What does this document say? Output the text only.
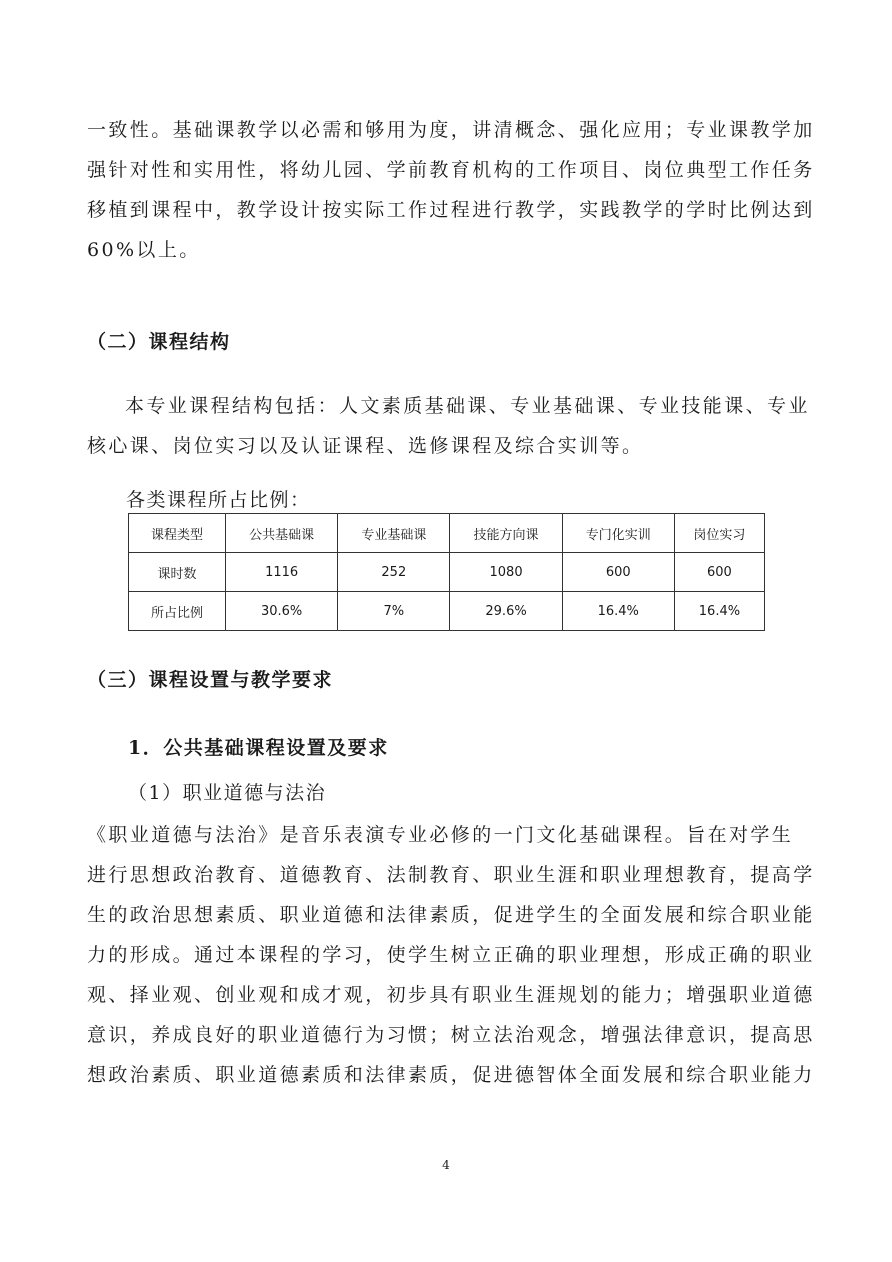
一致性。基础课教学以必需和够用为度，讲清概念、强化应用；专业课教学加
强针对性和实用性，将幼儿园、学前教育机构的工作项目、岗位典型工作任务
移植到课程中，教学设计按实际工作过程进行教学，实践教学的学时比例达到
60%以上。
（二）课程结构
本专业课程结构包括：人文素质基础课、专业基础课、专业技能课、专业
核心课、岗位实习以及认证课程、选修课程及综合实训等。

各类课程所占比例：

课程类型	公共基础课	专业基础课	技能方向课	专门化实训	岗位实习
课时数	1116	252	1080	600	600
所占比例	30.6%	7%	29.6%	16.4%	16.4%
（三）课程设置与教学要求
1．公共基础课程设置及要求

（1）职业道德与法治

《职业道德与法治》是音乐表演专业必修的一门文化基础课程。旨在对学生
进行思想政治教育、道德教育、法制教育、职业生涯和职业理想教育，提高学
生的政治思想素质、职业道德和法律素质，促进学生的全面发展和综合职业能
力的形成。通过本课程的学习，使学生树立正确的职业理想，形成正确的职业
观、择业观、创业观和成才观，初步具有职业生涯规划的能力；增强职业道德
意识，养成良好的职业道德行为习惯；树立法治观念，增强法律意识，提高思
想政治素质、职业道德素质和法律素质，促进德智体全面发展和综合职业能力
4
